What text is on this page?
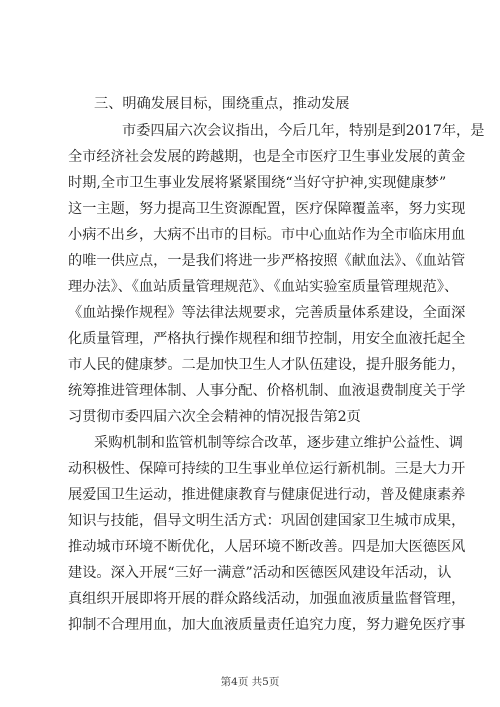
三、明确发展目标，围绕重点，推动发展
市委四届六次会议指出，今后几年，特别是到2017年，是
全市经济社会发展的跨越期，也是全市医疗卫生事业发展的黄金
时期,全市卫生事业发展将紧紧围绕“当好守护神,实现健康梦”
这一主题，努力提高卫生资源配置，医疗保障覆盖率，努力实现
小病不出乡，大病不出市的目标。市中心血站作为全市临床用血
的唯一供应点，一是我们将进一步严格按照《献血法》、《血站管
理办法》、《血站质量管理规范》、《血站实验室质量管理规范》、
《血站操作规程》等法律法规要求，完善质量体系建设，全面深
化质量管理，严格执行操作规程和细节控制，用安全血液托起全
市人民的健康梦。二是加快卫生人才队伍建设，提升服务能力，
统筹推进管理体制、人事分配、价格机制、血液退费制度关于学
习贯彻市委四届六次全会精神的情况报告第2页
采购机制和监管机制等综合改革，逐步建立维护公益性、调
动积极性、保障可持续的卫生事业单位运行新机制。三是大力开
展爱国卫生运动，推进健康教育与健康促进行动，普及健康素养
知识与技能，倡导文明生活方式：巩固创建国家卫生城市成果，
推动城市环境不断优化，人居环境不断改善。四是加大医德医风
建设。深入开展“三好一满意”活动和医德医风建设年活动，认
真组织开展即将开展的群众路线活动，加强血液质量监督管理，
抑制不合理用血，加大血液质量责任追究力度，努力避免医疗事
第4页 共5页
